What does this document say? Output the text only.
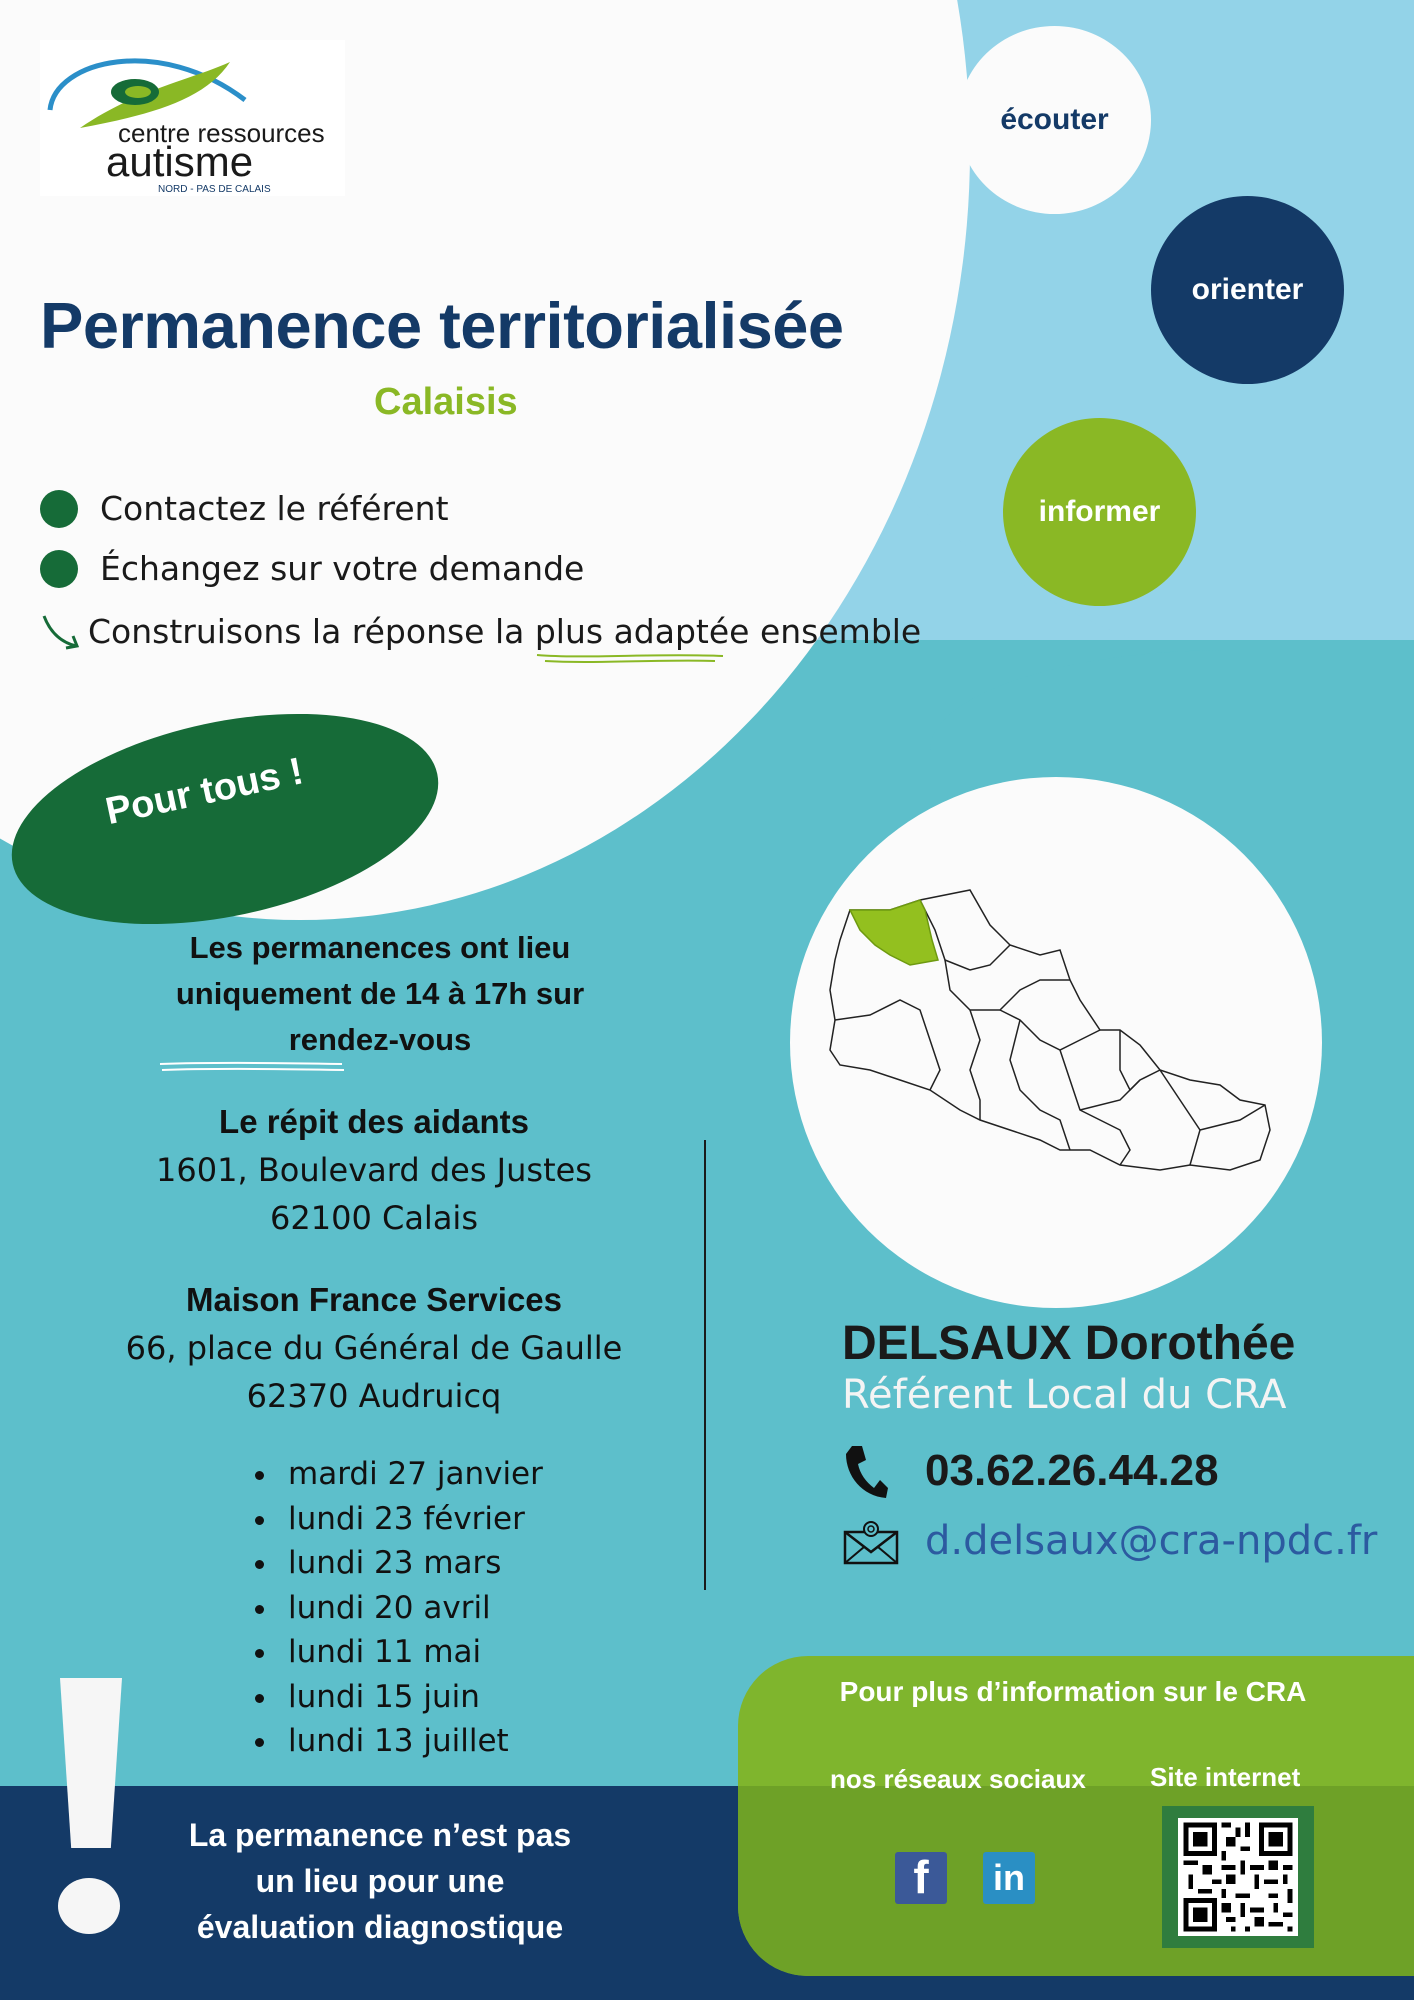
centre ressources
autisme
NORD - PAS DE CALAIS
écouter
orienter
informer
Permanence territorialisée
Calaisis
Contactez le référent
Échangez sur votre demande
Construisons la réponse la plus adaptée ensemble
Pour tous !
Les permanences ont lieu
uniquement de 14 à 17h sur
rendez-vous
Le répit des aidants
1601, Boulevard des Justes
62100 Calais
Maison France Services
66, place du Général de Gaulle
62370 Audruicq
• mardi 27 janvier
• lundi 23 février
• lundi 23 mars
• lundi 20 avril
• lundi 11 mai
• lundi 15 juin
• lundi 13 juillet
DELSAUX Dorothée
Référent Local du CRA
03.62.26.44.28
d.delsaux@cra-npdc.fr
Pour plus d’information sur le CRA
nos réseaux sociaux Site internet
f	in
La permanence n’est pas
un lieu pour une
évaluation diagnostique
